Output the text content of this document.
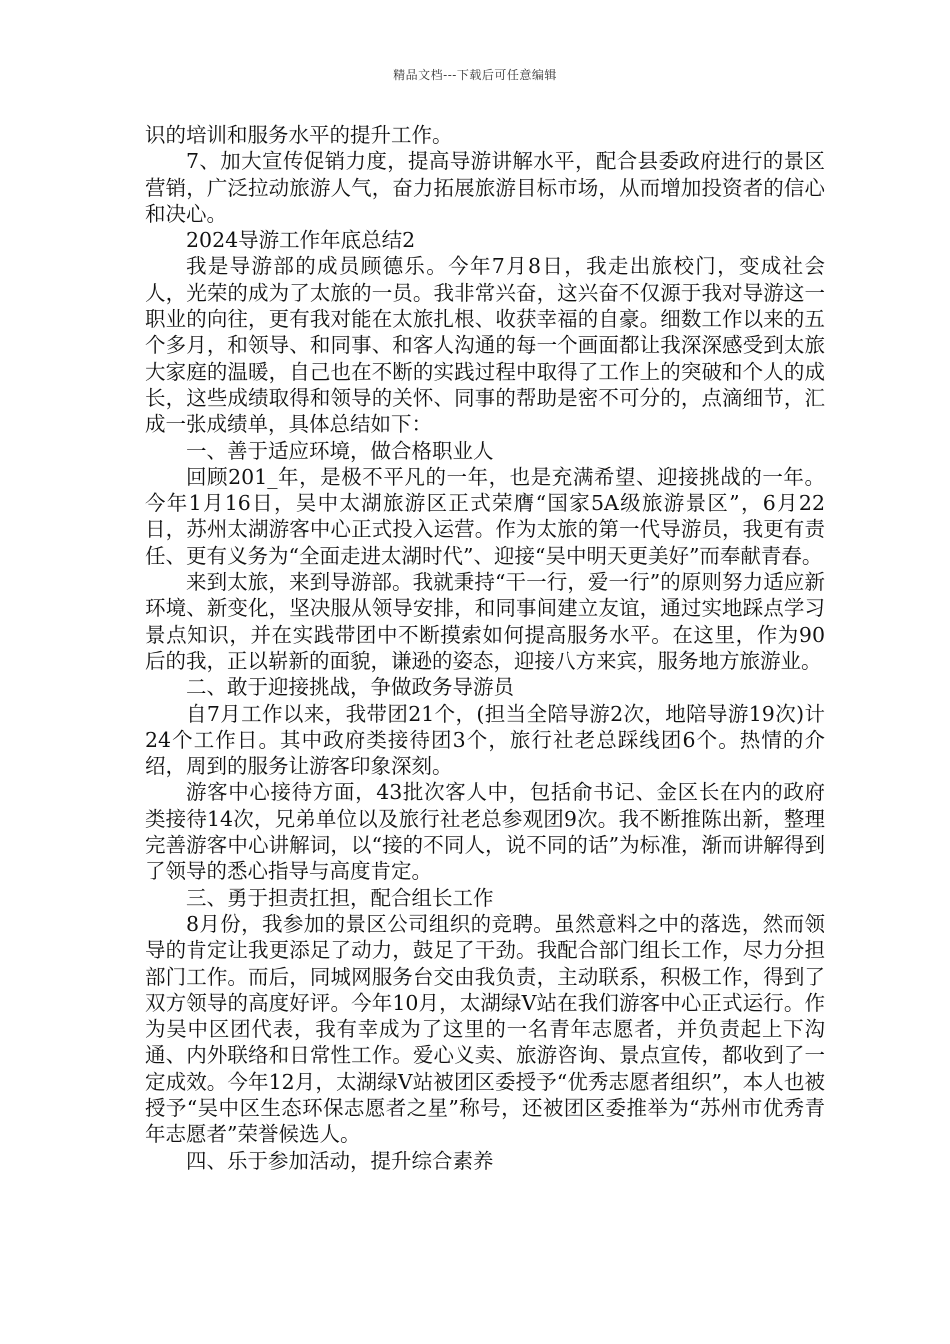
精品文档---下载后可任意编辑

识的培训和服务水平的提升工作。

7、加大宣传促销力度，提高导游讲解水平，配合县委政府进行的景区营销，广泛拉动旅游人气，奋力拓展旅游目标市场，从而增加投资者的信心和决心。

2024导游工作年底总结2

我是导游部的成员顾德乐。今年7月8日，我走出旅校门，变成社会人，光荣的成为了太旅的一员。我非常兴奋，这兴奋不仅源于我对导游这一职业的向往，更有我对能在太旅扎根、收获幸福的自豪。细数工作以来的五个多月，和领导、和同事、和客人沟通的每一个画面都让我深深感受到太旅大家庭的温暖，自己也在不断的实践过程中取得了工作上的突破和个人的成长，这些成绩取得和领导的关怀、同事的帮助是密不可分的，点滴细节，汇成一张成绩单，具体总结如下：

一、善于适应环境，做合格职业人

回顾201_年，是极不平凡的一年，也是充满希望、迎接挑战的一年。今年1月16日，吴中太湖旅游区正式荣膺“国家5A级旅游景区”，6月22日，苏州太湖游客中心正式投入运营。作为太旅的第一代导游员，我更有责任、更有义务为“全面走进太湖时代”、迎接“吴中明天更美好”而奉献青春。

来到太旅，来到导游部。我就秉持“干一行，爱一行”的原则努力适应新环境、新变化，坚决服从领导安排，和同事间建立友谊，通过实地踩点学习景点知识，并在实践带团中不断摸索如何提高服务水平。在这里，作为90后的我，正以崭新的面貌，谦逊的姿态，迎接八方来宾，服务地方旅游业。

二、敢于迎接挑战，争做政务导游员

自7月工作以来，我带团21个，(担当全陪导游2次，地陪导游19次)计24个工作日。其中政府类接待团3个，旅行社老总踩线团6个。热情的介绍，周到的服务让游客印象深刻。

游客中心接待方面，43批次客人中，包括俞书记、金区长在内的政府类接待14次，兄弟单位以及旅行社老总参观团9次。我不断推陈出新，整理完善游客中心讲解词，以“接的不同人，说不同的话”为标准，渐而讲解得到了领导的悉心指导与高度肯定。

三、勇于担责扛担，配合组长工作

8月份，我参加的景区公司组织的竞聘。虽然意料之中的落选，然而领导的肯定让我更添足了动力，鼓足了干劲。我配合部门组长工作，尽力分担部门工作。而后，同城网服务台交由我负责，主动联系，积极工作，得到了双方领导的高度好评。今年10月，太湖绿V站在我们游客中心正式运行。作为吴中区团代表，我有幸成为了这里的一名青年志愿者，并负责起上下沟通、内外联络和日常性工作。爱心义卖、旅游咨询、景点宣传，都收到了一定成效。今年12月，太湖绿Ⅴ站被团区委授予“优秀志愿者组织”，本人也被授予“吴中区生态环保志愿者之星”称号，还被团区委推举为“苏州市优秀青年志愿者”荣誉候选人。

四、乐于参加活动，提升综合素养
